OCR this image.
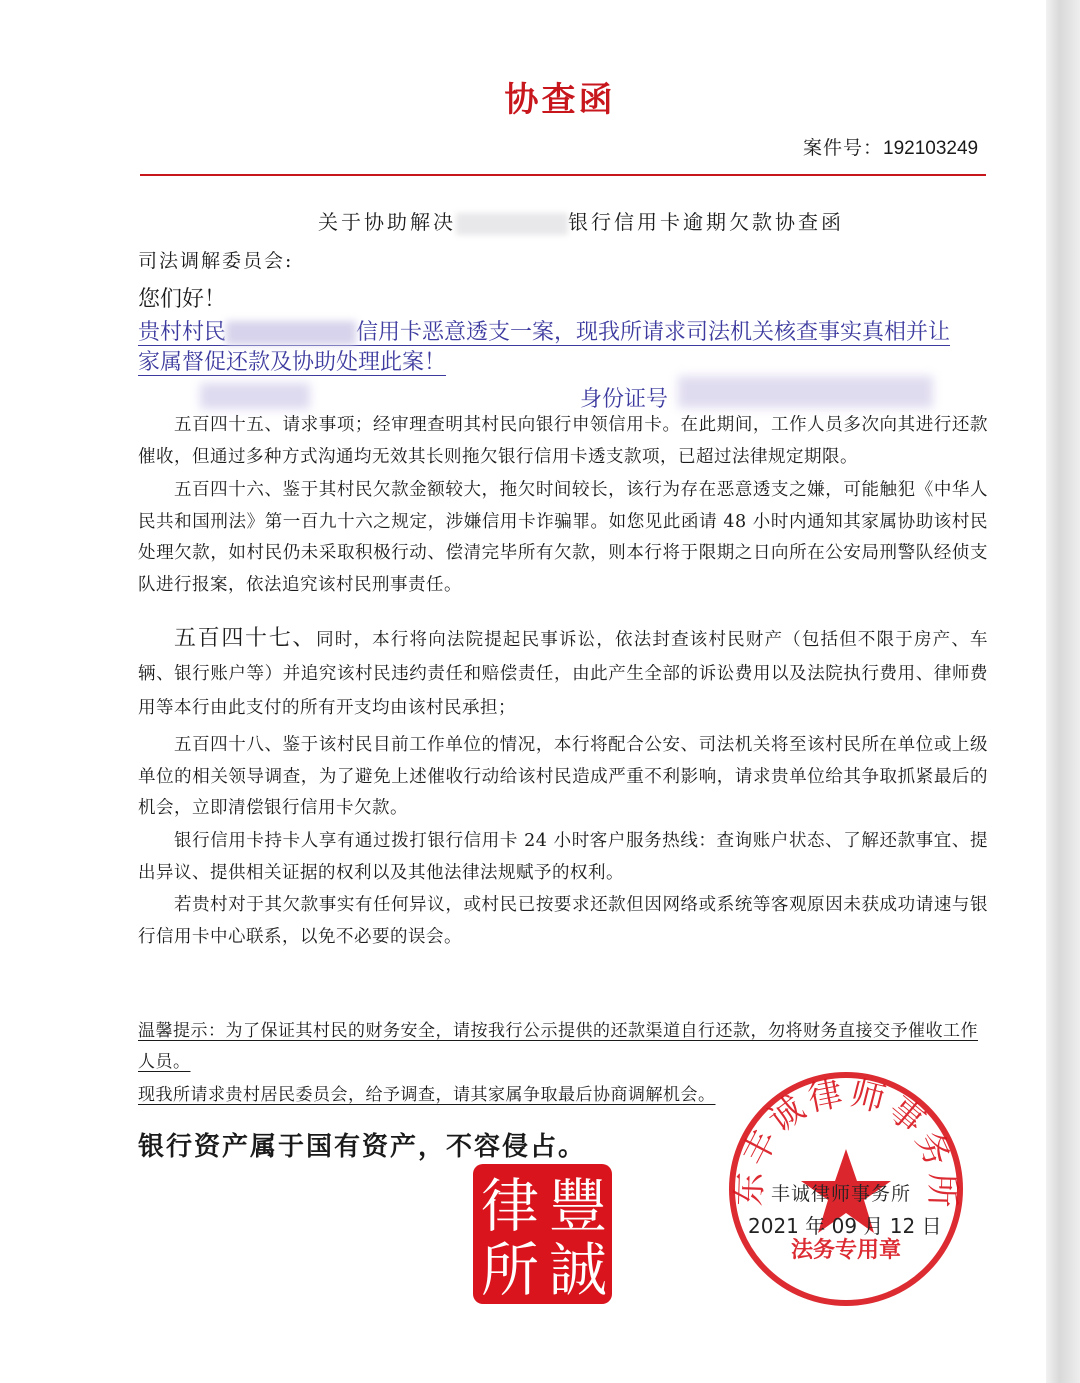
协查函
案件号：192103249
关于协助解决	银行信用卡逾期欠款协查函
司法调解委员会:
您们好！
贵村村民	信用卡恶意透支一案，现我所请求司法机关核查事实真相并让
家属督促还款及协助处理此案！
身份证号
五百四十五、请求事项；经审理查明其村民向银行申领信用卡。在此期间，工作人员多次向其进行还款催收，但通过多种方式沟通均无效其长则拖欠银行信用卡透支款项，已超过法律规定期限。
五百四十六、鉴于其村民欠款金额较大，拖欠时间较长，该行为存在恶意透支之嫌，可能触犯《中华人民共和国刑法》第一百九十六之规定，涉嫌信用卡诈骗罪。如您见此函请 48 小时内通知其家属协助该村民处理欠款，如村民仍未采取积极行动、偿清完毕所有欠款，则本行将于限期之日向所在公安局刑警队经侦支队进行报案，依法追究该村民刑事责任。
五百四十七、同时，本行将向法院提起民事诉讼，依法封查该村民财产（包括但不限于房产、车辆、银行账户等）并追究该村民违约责任和赔偿责任，由此产生全部的诉讼费用以及法院执行费用、律师费用等本行由此支付的所有开支均由该村民承担；
五百四十八、鉴于该村民目前工作单位的情况，本行将配合公安、司法机关将至该村民所在单位或上级单位的相关领导调查，为了避免上述催收行动给该村民造成严重不利影响，请求贵单位给其争取抓紧最后的机会，立即清偿银行信用卡欠款。
银行信用卡持卡人享有通过拨打银行信用卡 24 小时客户服务热线：查询账户状态、了解还款事宜、提出异议、提供相关证据的权利以及其他法律法规赋予的权利。
若贵村对于其欠款事实有任何异议，或村民已按要求还款但因网络或系统等客观原因未获成功请速与银行信用卡中心联系，以免不必要的误会。
温馨提示：为了保证其村民的财务安全，请按我行公示提供的还款渠道自行还款，勿将财务直接交予催收工作人员。
现我所请求贵村居民委员会，给予调查，请其家属争取最后协商调解机会。
银行资产属于国有资产，不容侵占。
豐
律
誠
所
东丰诚律师事务所
法务专用章
丰诚律师事务所
2021 年 09 月 12 日
